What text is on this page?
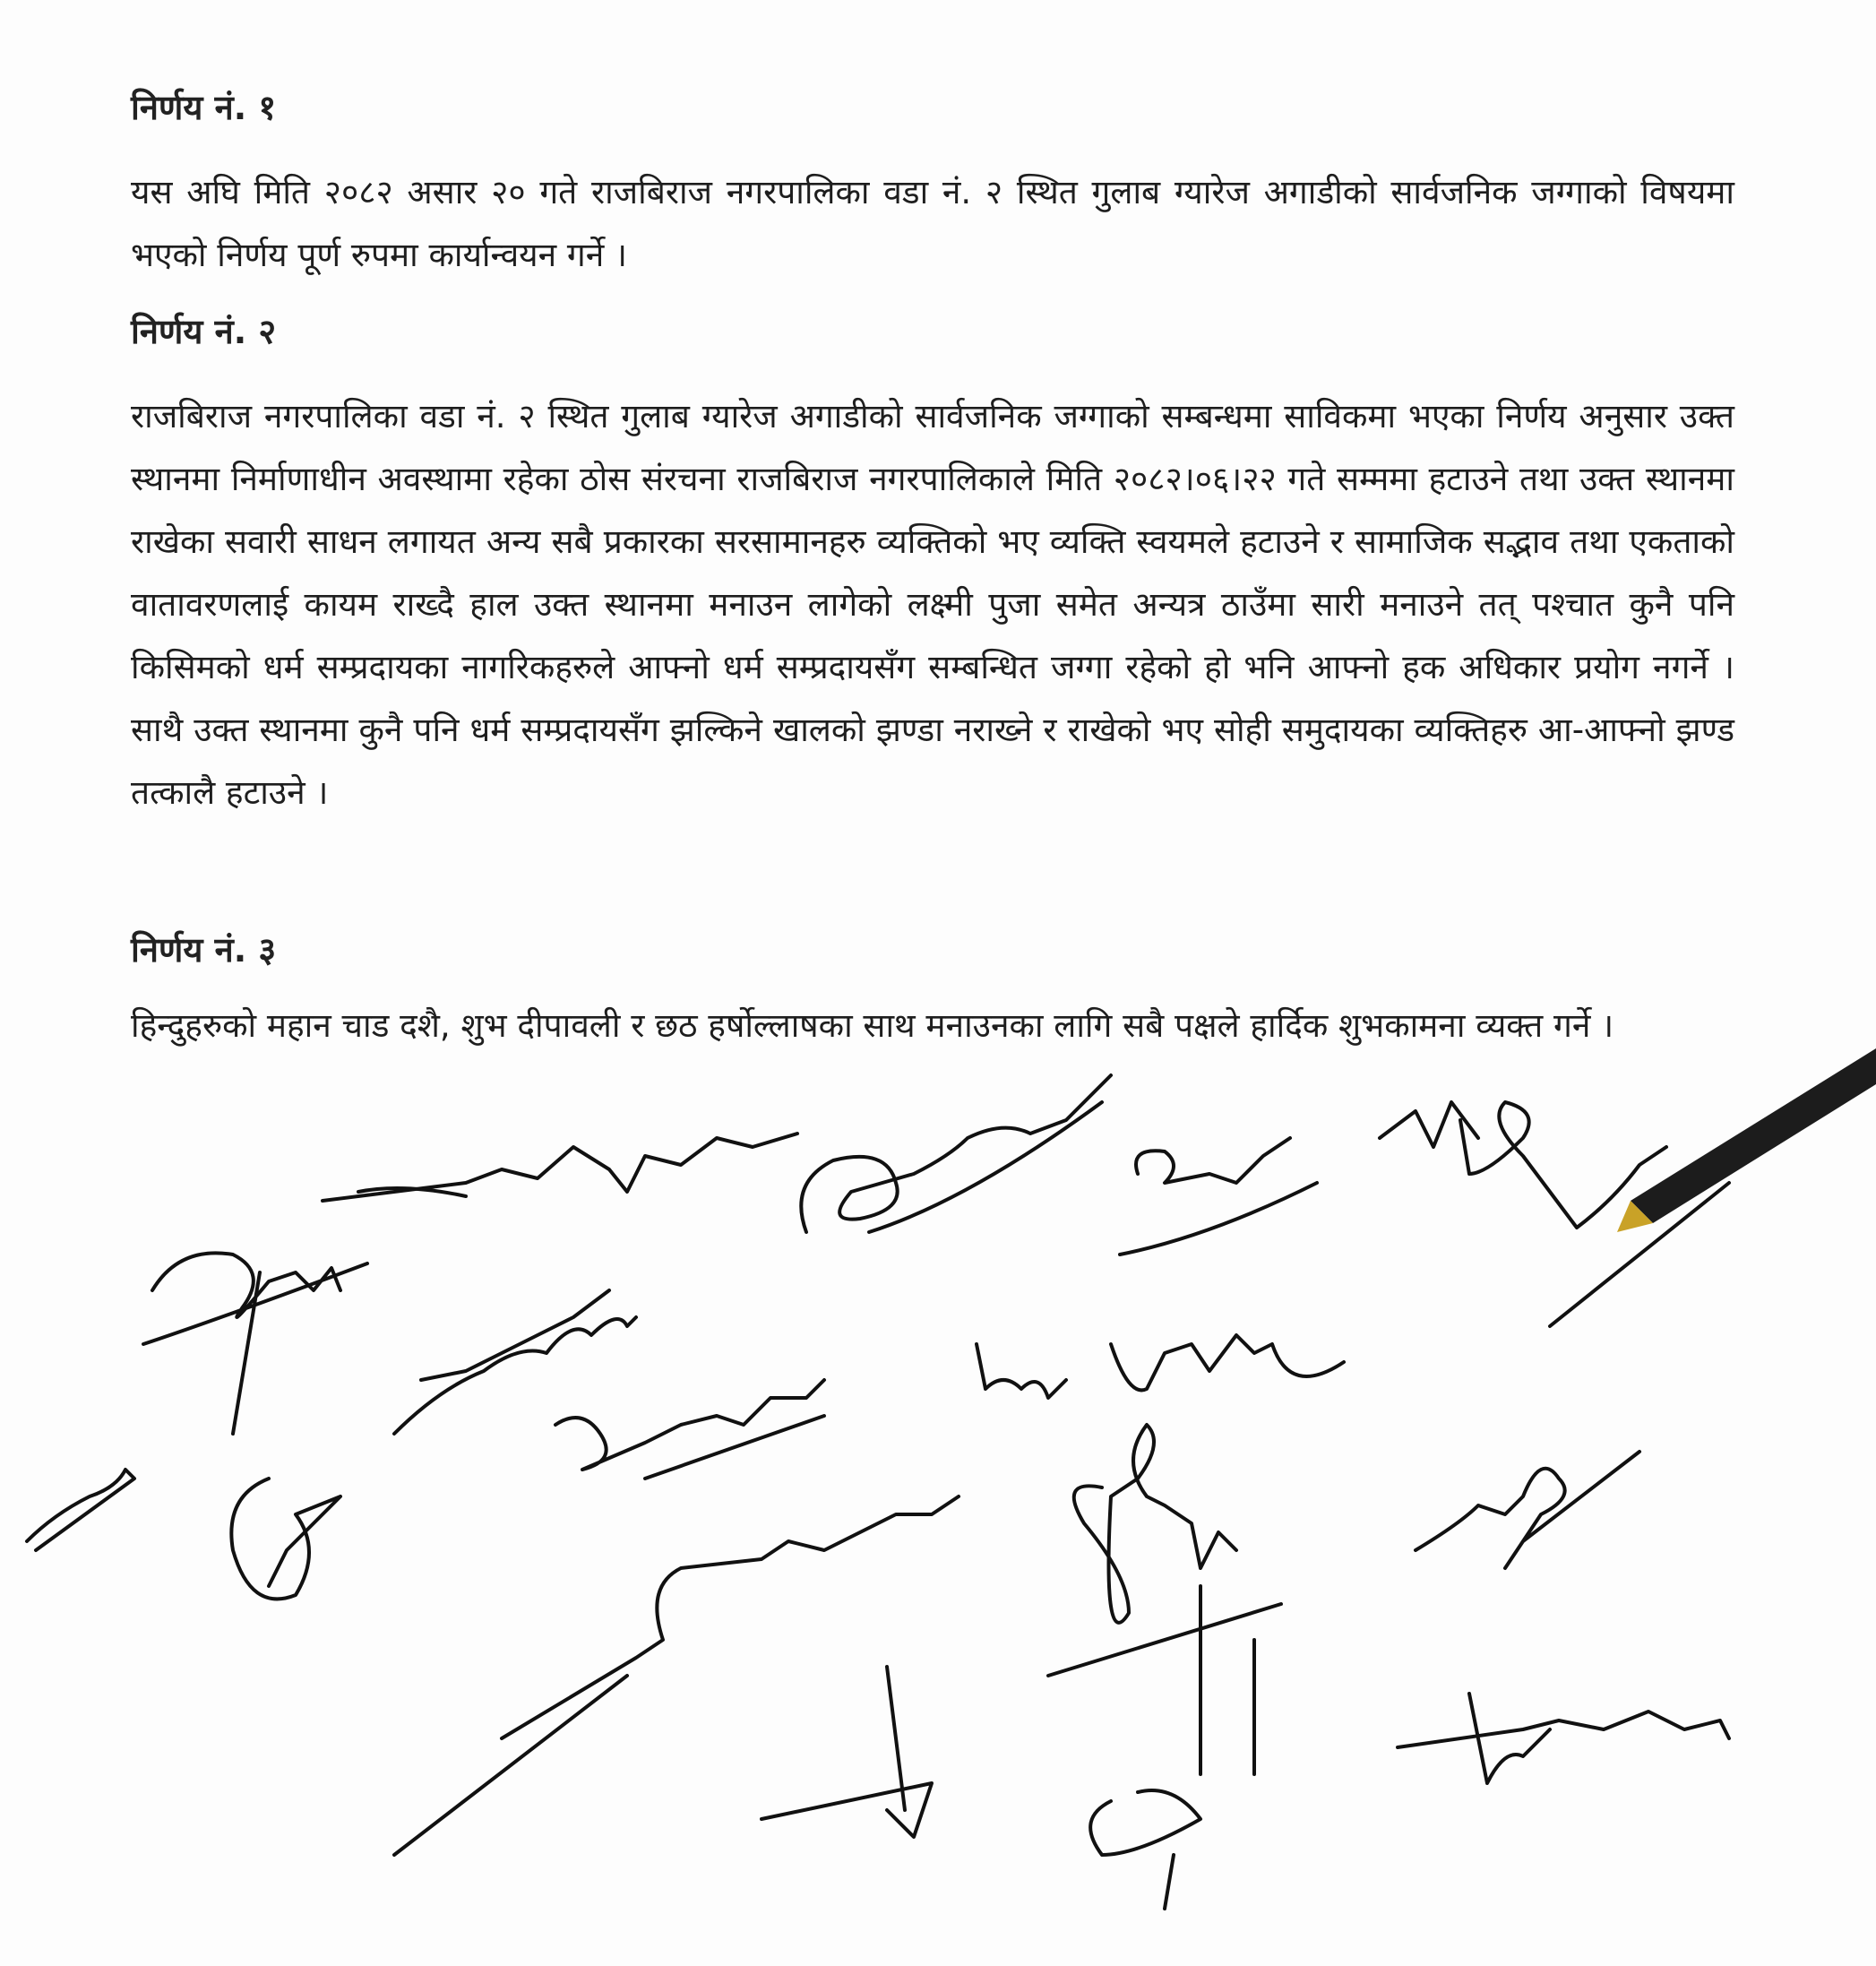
निर्णय नं. १

यस अघि मिति २०८२ असार २० गते राजबिराज नगरपालिका वडा नं. २ स्थित गुलाब ग्यारेज अगाडीको सार्वजनिक जग्गाको विषयमा भएको निर्णय पूर्ण रुपमा कार्यान्वयन गर्ने ।

निर्णय नं. २

राजबिराज नगरपालिका वडा नं. २ स्थित गुलाब ग्यारेज अगाडीको सार्वजनिक जग्गाको सम्बन्धमा साविकमा भएका निर्णय अनुसार उक्त स्थानमा निर्माणाधीन अवस्थामा रहेका ठोस संरचना राजबिराज नगरपालिकाले मिति २०८२।०६।२२ गते सम्ममा हटाउने तथा उक्त स्थानमा राखेका सवारी साधन लगायत अन्य सबै प्रकारका सरसामानहरु व्यक्तिको भए व्यक्ति स्वयमले हटाउने र सामाजिक सद्भाव तथा एकताको वातावरणलाई कायम राख्दै हाल उक्त स्थानमा मनाउन लागेको लक्ष्मी पुजा समेत अन्यत्र ठाउँमा सारी मनाउने तत् पश्चात कुनै पनि किसिमको धर्म सम्प्रदायका नागरिकहरुले आफ्नो धर्म सम्प्रदायसँग सम्बन्धित जग्गा रहेको हो भनि आफ्नो हक अधिकार प्रयोग नगर्ने । साथै उक्त स्थानमा कुनै पनि धर्म सम्प्रदायसँग झल्किने खालको झण्डा नराख्ने र राखेको भए सोही समुदायका व्यक्तिहरु आ-आफ्नो झण्ड तत्कालै हटाउने ।

निर्णय नं. ३

हिन्दुहरुको महान चाड दशै, शुभ दीपावली र छठ हर्षोल्लाषका साथ मनाउनका लागि सबै पक्षले हार्दिक शुभकामना व्यक्त गर्ने ।
